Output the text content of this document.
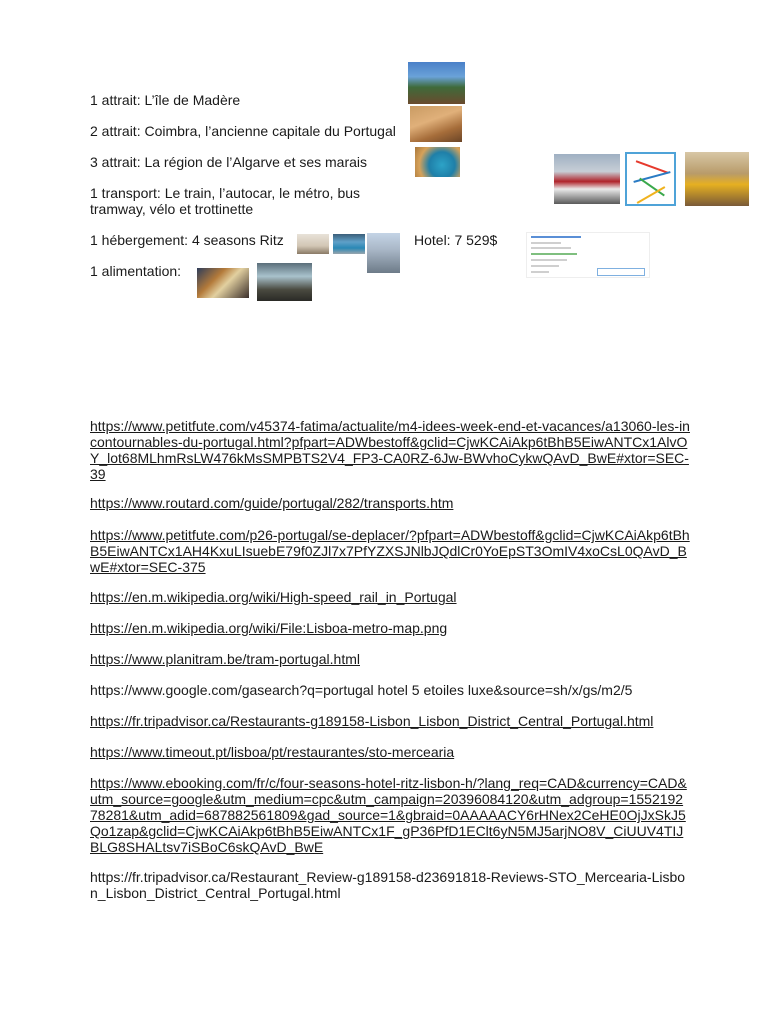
1 attrait: L’île de Madère
2 attrait: Coimbra, l’ancienne capitale du Portugal
3 attrait: La région de l’Algarve et ses marais
1 transport: Le train, l’autocar, le métro, bus
tramway, vélo et trottinette
1 hébergement: 4 seasons Ritz	Hotel: 7 529$
1 alimentation:
https://www.petitfute.com/v45374-fatima/actualite/m4-idees-week-end-et-vacances/a13060-les-incontournables-du-portugal.html?pfpart=ADWbestoff&gclid=CjwKCAiAkp6tBhB5EiwANTCx1AlvOY_lot68MLhmRsLW476kMsSMPBTS2V4_FP3-CA0RZ-6Jw-BWvhoCykwQAvD_BwE#xtor=SEC-39
https://www.routard.com/guide/portugal/282/transports.htm
https://www.petitfute.com/p26-portugal/se-deplacer/?pfpart=ADWbestoff&gclid=CjwKCAiAkp6tBhB5EiwANTCx1AH4KxuLIsuebE79f0ZJl7x7PfYZXSJNlbJQdlCr0YoEpST3OmIV4xoCsL0QAvD_BwE#xtor=SEC-375
https://en.m.wikipedia.org/wiki/High-speed_rail_in_Portugal
https://en.m.wikipedia.org/wiki/File:Lisboa-metro-map.png
https://www.planitram.be/tram-portugal.html
https://www.google.com/gasearch?q=portugal hotel 5 etoiles luxe&source=sh/x/gs/m2/5
https://fr.tripadvisor.ca/Restaurants-g189158-Lisbon_Lisbon_District_Central_Portugal.html
https://www.timeout.pt/lisboa/pt/restaurantes/sto-mercearia
https://www.ebooking.com/fr/c/four-seasons-hotel-ritz-lisbon-h/?lang_req=CAD&currency=CAD&utm_source=google&utm_medium=cpc&utm_campaign=20396084120&utm_adgroup=155219278281&utm_adid=687882561809&gad_source=1&gbraid=0AAAAACY6rHNex2CeHE0OjJxSkJ5Qo1zap&gclid=CjwKCAiAkp6tBhB5EiwANTCx1F_gP36PfD1EClt6yN5MJ5arjNO8V_CiUUV4TIJBLG8SHALtsv7iSBoC6skQAvD_BwE
https://fr.tripadvisor.ca/Restaurant_Review-g189158-d23691818-Reviews-STO_Mercearia-Lisbon_Lisbon_District_Central_Portugal.html
